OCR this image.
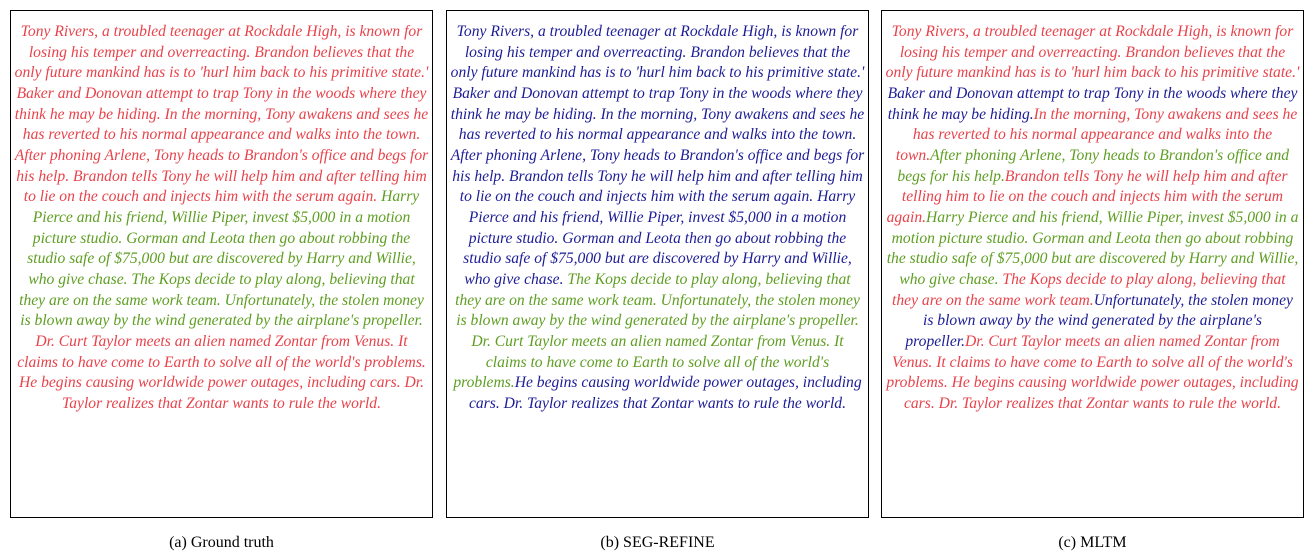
Tony Rivers, a troubled teenager at Rockdale High, is known for losing his temper and overreacting. Brandon believes that the only future mankind has is to 'hurl him back to his primitive state.' Baker and Donovan attempt to trap Tony in the woods where they think he may be hiding. In the morning, Tony awakens and sees he has reverted to his normal appearance and walks into the town. After phoning Arlene, Tony heads to Brandon's office and begs for his help. Brandon tells Tony he will help him and after telling him to lie on the couch and injects him with the serum again. Harry Pierce and his friend, Willie Piper, invest $5,000 in a motion picture studio. Gorman and Leota then go about robbing the studio safe of $75,000 but are discovered by Harry and Willie, who give chase. The Kops decide to play along, believing that they are on the same work team. Unfortunately, the stolen money is blown away by the wind generated by the airplane's propeller. Dr. Curt Taylor meets an alien named Zontar from Venus. It claims to have come to Earth to solve all of the world's problems. He begins causing worldwide power outages, including cars. Dr. Taylor realizes that Zontar wants to rule the world.

Tony Rivers, a troubled teenager at Rockdale High, is known for losing his temper and overreacting. Brandon believes that the only future mankind has is to 'hurl him back to his primitive state.' Baker and Donovan attempt to trap Tony in the woods where they think he may be hiding. In the morning, Tony awakens and sees he has reverted to his normal appearance and walks into the town. After phoning Arlene, Tony heads to Brandon's office and begs for his help. Brandon tells Tony he will help him and after telling him to lie on the couch and injects him with the serum again. Harry Pierce and his friend, Willie Piper, invest $5,000 in a motion picture studio. Gorman and Leota then go about robbing the studio safe of $75,000 but are discovered by Harry and Willie, who give chase. The Kops decide to play along, believing that they are on the same work team. Unfortunately, the stolen money is blown away by the wind generated by the airplane's propeller. Dr. Curt Taylor meets an alien named Zontar from Venus. It claims to have come to Earth to solve all of the world's problems.He begins causing worldwide power outages, including cars. Dr. Taylor realizes that Zontar wants to rule the world.

Tony Rivers, a troubled teenager at Rockdale High, is known for losing his temper and overreacting. Brandon believes that the only future mankind has is to 'hurl him back to his primitive state.' Baker and Donovan attempt to trap Tony in the woods where they think he may be hiding.In the morning, Tony awakens and sees he has reverted to his normal appearance and walks into the town.After phoning Arlene, Tony heads to Brandon's office and begs for his help.Brandon tells Tony he will help him and after telling him to lie on the couch and injects him with the serum again.Harry Pierce and his friend, Willie Piper, invest $5,000 in a motion picture studio. Gorman and Leota then go about robbing the studio safe of $75,000 but are discovered by Harry and Willie, who give chase. The Kops decide to play along, believing that they are on the same work team.Unfortunately, the stolen money is blown away by the wind generated by the airplane's propeller.Dr. Curt Taylor meets an alien named Zontar from Venus. It claims to have come to Earth to solve all of the world's problems. He begins causing worldwide power outages, including cars. Dr. Taylor realizes that Zontar wants to rule the world.

(a) Ground truth	(b) SEG-REFINE	(c) MLTM
